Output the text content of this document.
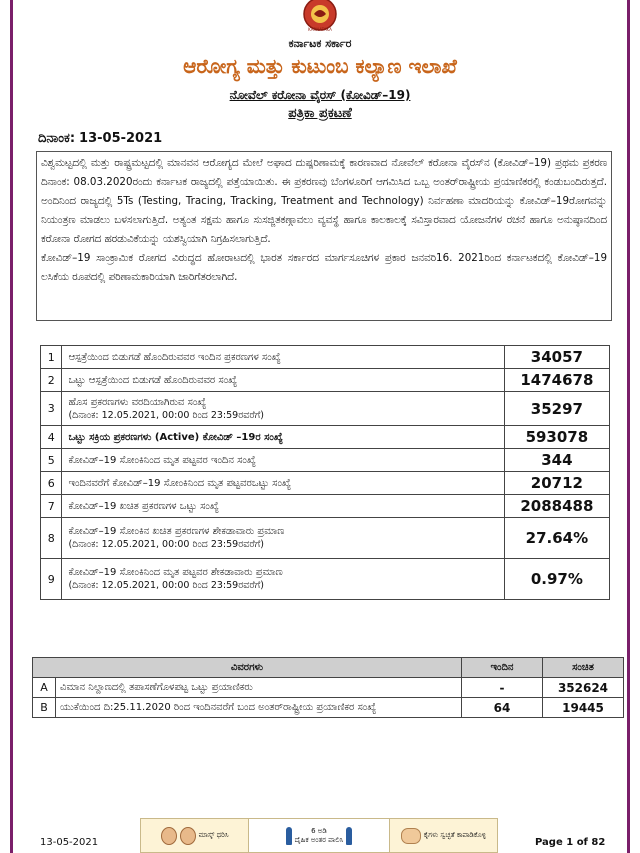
KARNATAKA
ಕರ್ನಾಟಕ ಸರ್ಕಾರ
ಆರೋಗ್ಯ ಮತ್ತು ಕುಟುಂಬ ಕಲ್ಯಾಣ ಇಲಾಖೆ
ನೋವೆಲ್ ಕರೋನಾ ವೈರಸ್ (ಕೋವಿಡ್–19)
ಪತ್ರಿಕಾ ಪ್ರಕಟಣೆ
ದಿನಾಂಕ: 13-05-2021

ವಿಶ್ವಮಟ್ಟದಲ್ಲಿ ಮತ್ತು ರಾಷ್ಟ್ರಮಟ್ಟದಲ್ಲಿ ಮಾನವನ ಆರೋಗ್ಯದ ಮೇಲೆ ಅಘಾದ ದುಷ್ಪರಿಣಾಮಕ್ಕೆ ಕಾರಣವಾದ ನೋವೆಲ್ ಕರೋನಾ ವೈರಸ್‌ನ (ಕೋವಿಡ್–19) ಪ್ರಥಮ ಪ್ರಕರಣ ದಿನಾಂಕ: 08.03.2020ರಂದು ಕರ್ನಾಟಕ ರಾಜ್ಯದಲ್ಲಿ ಪತ್ತೆಯಾಯಿತು. ಈ ಪ್ರಕರಣವು ಬೆಂಗಳೂರಿಗೆ ಆಗಮಿಸಿದ ಒಬ್ಬ ಅಂತರ್‌ರಾಷ್ಟ್ರೀಯ ಪ್ರಯಾಣಿಕರಲ್ಲಿ ಕಂಡುಬಂದಿರುತ್ತದೆ. ಅಂದಿನಿಂದ ರಾಜ್ಯದಲ್ಲಿ 5Ts (Testing, Tracing, Tracking, Treatment and Technology) ನಿರ್ವಹಣಾ ಮಾದರಿಯನ್ನು ಕೋವಿಡ್–19ರೋಗವನ್ನು ನಿಯಂತ್ರಣ ಮಾಡಲು ಬಳಸಲಾಗುತ್ತಿದೆ. ಅತ್ಯಂತ ಸಕ್ಷಮ ಹಾಗೂ ಸುಸಜ್ಜಿತಕಣ್ಗಾವಲು ವ್ಯವಸ್ಥೆ ಹಾಗೂ ಕಾಲಕಾಲಕ್ಕೆ ಸವಿಸ್ತಾರವಾದ ಯೋಜನೆಗಳ ರಚನೆ ಹಾಗೂ ಅನುಷ್ಠಾನದಿಂದ ಕರೋನಾ ರೋಗದ ಹರಡುವಿಕೆಯನ್ನು ಯಶಸ್ವಿಯಾಗಿ ನಿಗ್ರಹಿಸಲಾಗುತ್ತಿದೆ.

ಕೋವಿಡ್–19 ಸಾಂಕ್ರಾಮಿಕ ರೋಗದ ವಿರುದ್ಧದ ಹೋರಾಟದಲ್ಲಿ ಭಾರತ ಸರ್ಕಾರದ ಮಾರ್ಗಸೂಚಿಗಳ ಪ್ರಕಾರ ಜನವರಿ16. 2021ರಿಂದ ಕರ್ನಾಟಕದಲ್ಲಿ ಕೋವಿಡ್–19 ಲಸಿಕೆಯ ರೂಪದಲ್ಲಿ ಪರಿಣಾಮಕಾರಿಯಾಗಿ ಜಾರಿಗೆತರಲಾಗಿದೆ.

1	ಆಸ್ಪತ್ರೆಯಿಂದ ಬಿಡುಗಡೆ ಹೊಂದಿರುವವರ ಇಂದಿನ ಪ್ರಕರಣಗಳ ಸಂಖ್ಯೆ	34057
2	ಒಟ್ಟು ಆಸ್ಪತ್ರೆಯಿಂದ ಬಿಡುಗಡೆ ಹೊಂದಿರುವವರ ಸಂಖ್ಯೆ	1474678
3	ಹೊಸ ಪ್ರಕರಣಗಳು ವರದಿಯಾಗಿರುವ ಸಂಖ್ಯೆ
(ದಿನಾಂಕ: 12.05.2021, 00:00 ರಿಂದ 23:59ರವರೆಗೆ)	35297
4	ಒಟ್ಟು ಸಕ್ರಿಯ ಪ್ರಕರಣಗಳು (Active) ಕೋವಿಡ್ –19ರ ಸಂಖ್ಯೆ	593078
5	ಕೋವಿಡ್–19 ಸೋಂಕಿನಿಂದ ಮೃತ ಪಟ್ಟವರ ಇಂದಿನ ಸಂಖ್ಯೆ	344
6	ಇಂದಿನವರೆಗೆ ಕೋವಿಡ್–19 ಸೋಂಕಿನಿಂದ ಮೃತ ಪಟ್ಟವರಒಟ್ಟು ಸಂಖ್ಯೆ	20712
7	ಕೋವಿಡ್–19 ಖಚಿತ ಪ್ರಕರಣಗಳ ಒಟ್ಟು ಸಂಖ್ಯೆ	2088488
8	ಕೋವಿಡ್–19 ಸೋಂಕಿನ ಖಚಿತ ಪ್ರಕರಣಗಳ ಶೇಕಡಾವಾರು ಪ್ರಮಾಣ
(ದಿನಾಂಕ: 12.05.2021, 00:00 ರಿಂದ 23:59ರವರೆಗೆ)	27.64%
9	ಕೋವಿಡ್–19 ಸೋಂಕಿನಿಂದ ಮೃತ ಪಟ್ಟವರ ಶೇಕಡಾವಾರು ಪ್ರಮಾಣ
(ದಿನಾಂಕ: 12.05.2021, 00:00 ರಿಂದ 23:59ರವರೆಗೆ)	0.97%
ವಿವರಗಳು		ಇಂದಿನ	ಸಂಚಿತ
A	ವಿಮಾನ ನಿಲ್ದಾಣದಲ್ಲಿ ತಪಾಸಣೆಗೊಳಪಟ್ಟ ಒಟ್ಟು ಪ್ರಯಾಣಿಕರು	-	352624
B	ಯುಕೆಯಿಂದ ದಿ:25.11.2020 ರಿಂದ ಇಂದಿನವರೆಗೆ ಬಂದ ಅಂತರ್‌ರಾಷ್ಟ್ರೀಯ ಪ್ರಯಾಣಿಕರ ಸಂಖ್ಯೆ	64	19445
13-05-2021
ಮಾಸ್ಕ್ ಧರಿಸಿ
6 ಅಡಿ
ದೈಹಿಕ ಅಂತರ ಪಾಲಿಸಿ
ಕೈಗಳು ಸ್ವಚ್ಛತೆ ಕಾಪಾಡಿಕೊಳ್ಳಿ
Page 1 of 82
